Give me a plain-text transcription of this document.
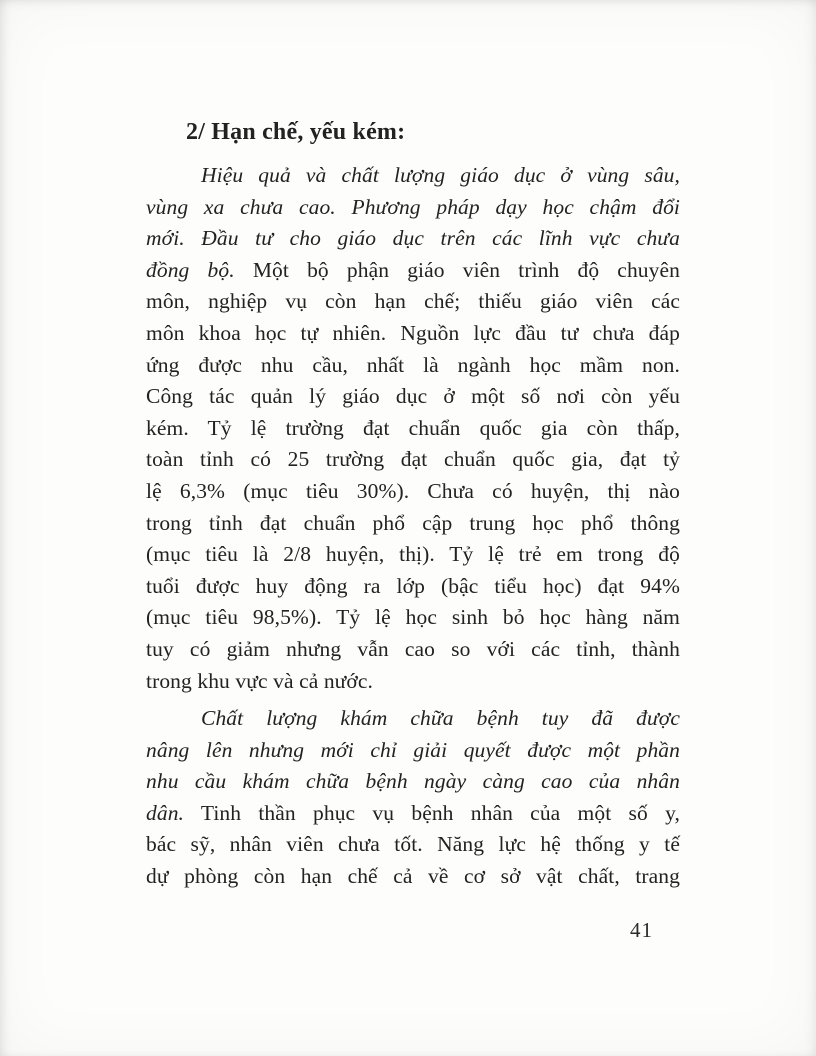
2/ Hạn chế, yếu kém:
Hiệu quả và chất lượng giáo dục ở vùng sâu,
vùng xa chưa cao. Phương pháp dạy học chậm đổi
mới. Đầu tư cho giáo dục trên các lĩnh vực chưa
đồng bộ. Một bộ phận giáo viên trình độ chuyên
môn, nghiệp vụ còn hạn chế; thiếu giáo viên các
môn khoa học tự nhiên. Nguồn lực đầu tư chưa đáp
ứng được nhu cầu, nhất là ngành học mầm non.
Công tác quản lý giáo dục ở một số nơi còn yếu
kém. Tỷ lệ trường đạt chuẩn quốc gia còn thấp,
toàn tỉnh có 25 trường đạt chuẩn quốc gia, đạt tỷ
lệ 6,3% (mục tiêu 30%). Chưa có huyện, thị nào
trong tỉnh đạt chuẩn phổ cập trung học phổ thông
(mục tiêu là 2/8 huyện, thị). Tỷ lệ trẻ em trong độ
tuổi được huy động ra lớp (bậc tiểu học) đạt 94%
(mục tiêu 98,5%). Tỷ lệ học sinh bỏ học hàng năm
tuy có giảm nhưng vẫn cao so với các tỉnh, thành
trong khu vực và cả nước.
Chất lượng khám chữa bệnh tuy đã được
nâng lên nhưng mới chỉ giải quyết được một phần
nhu cầu khám chữa bệnh ngày càng cao của nhân
dân. Tinh thần phục vụ bệnh nhân của một số y,
bác sỹ, nhân viên chưa tốt. Năng lực hệ thống y tế
dự phòng còn hạn chế cả về cơ sở vật chất, trang
41
